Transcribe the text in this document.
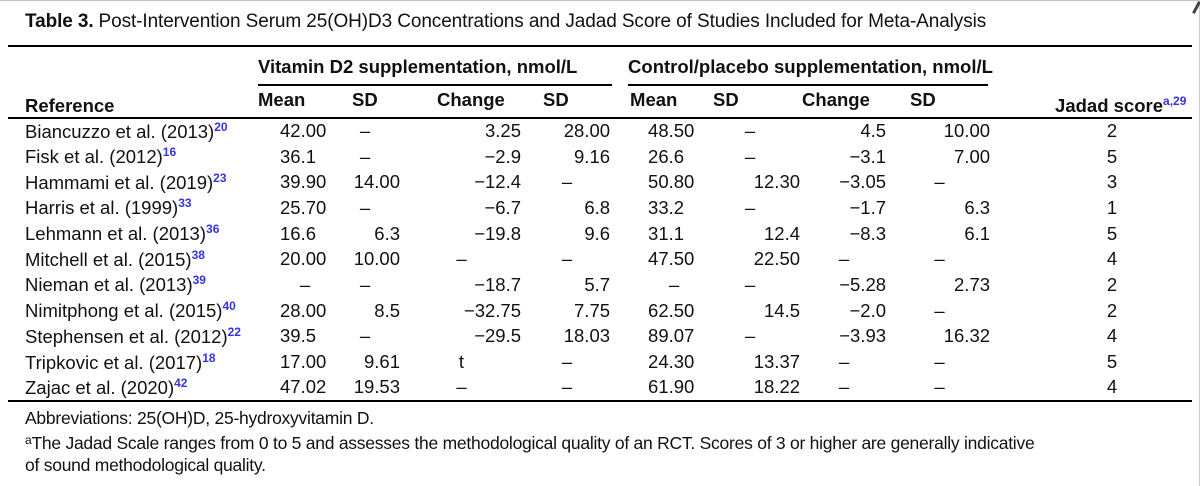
Table 3. Post-Intervention Serum 25(OH)D3 Concentrations and Jadad Score of Studies Included for Meta-Analysis
Reference	Vitamin D2 supplementation, nmol/L				Control/placebo supplementation, nmol/L				Jadad score$^{a,29}$
	Mean	SD	Change	SD	Mean	SD	Change	SD	
Biancuzzo et al. (2013)$^{20}$	42.00	–	3.25	28.00	48.50	–	4.5	10.00	2
Fisk et al. (2012)$^{16}$	36.1	–	−2.9	9.16	26.6	–	−3.1	7.00	5
Hammami et al. (2019)$^{23}$	39.90	14.00	−12.4	–	50.80	12.30	−3.05	–	3
Harris et al. (1999)$^{33}$	25.70	–	−6.7	6.8	33.2	–	−1.7	6.3	1
Lehmann et al. (2013)$^{36}$	16.6	6.3	−19.8	9.6	31.1	12.4	−8.3	6.1	5
Mitchell et al. (2015)$^{38}$	20.00	10.00	–	–	47.50	22.50	–	–	4
Nieman et al. (2013)$^{39}$	–	–	−18.7	5.7	–	–	−5.28	2.73	2
Nimitphong et al. (2015)$^{40}$	28.00	8.5	−32.75	7.75	62.50	14.5	−2.0	–	2
Stephensen et al. (2012)$^{22}$	39.5	–	−29.5	18.03	89.07	–	−3.93	16.32	4
Tripkovic et al. (2017)$^{18}$	17.00	9.61	t	–	24.30	13.37	–	–	5
Zajac et al. (2020)$^{42}$	47.02	19.53	–	–	61.90	18.22	–	–	4
Abbreviations: 25(OH)D, 25-hydroxyvitamin D.
$^a$The Jadad Scale ranges from 0 to 5 and assesses the methodological quality of an RCT. Scores of 3 or higher are generally indicative
of sound methodological quality.
